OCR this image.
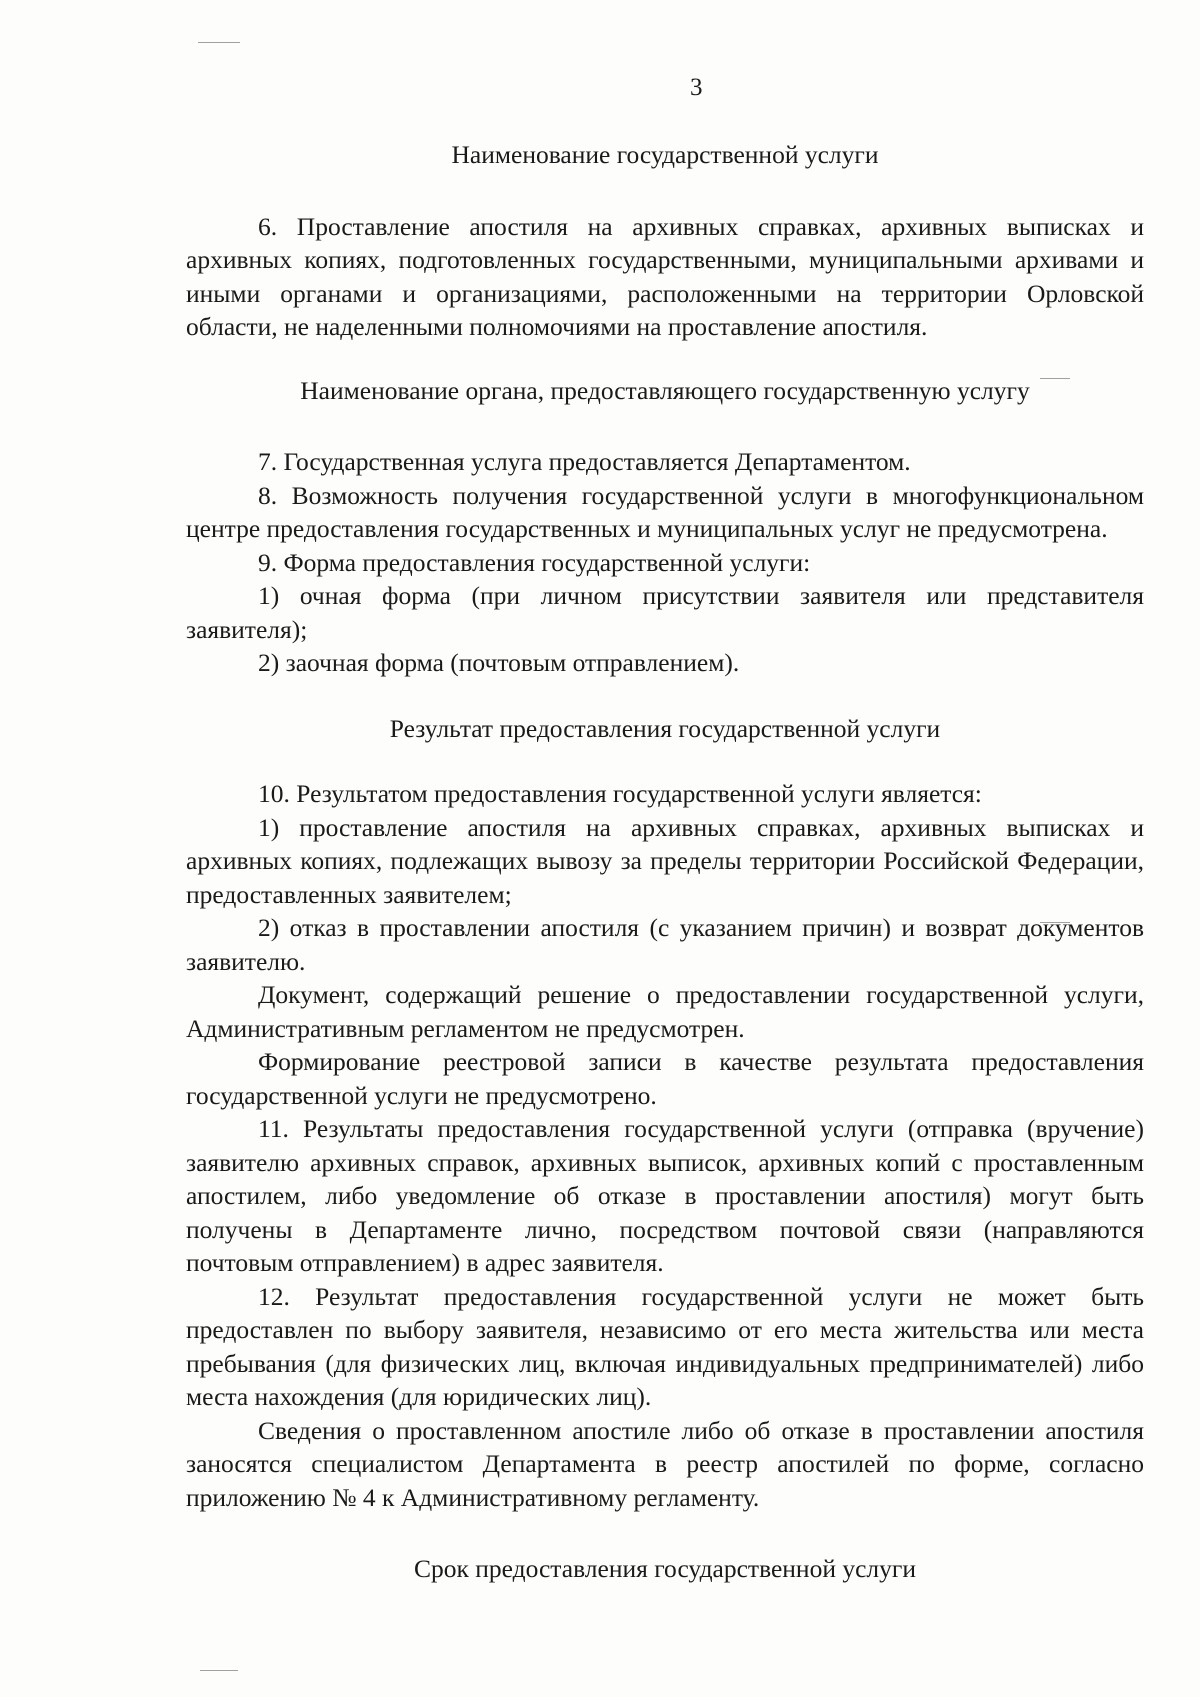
3

Наименование государственной услуги

6. Проставление апостиля на архивных справках, архивных выписках и архивных копиях, подготовленных государственными, муниципальными архивами и иными органами и организациями, расположенными на территории Орловской области, не наделенными полномочиями на проставление апостиля.

Наименование органа, предоставляющего государственную услугу

7. Государственная услуга предоставляется Департаментом.

8. Возможность получения государственной услуги в многофункциональном центре предоставления государственных и муниципальных услуг не предусмотрена.

9. Форма предоставления государственной услуги:

1) очная форма (при личном присутствии заявителя или представителя заявителя);

2) заочная форма (почтовым отправлением).

Результат предоставления государственной услуги

10. Результатом предоставления государственной услуги является:

1) проставление апостиля на архивных справках, архивных выписках и архивных копиях, подлежащих вывозу за пределы территории Российской Федерации, предоставленных заявителем;

2) отказ в проставлении апостиля (с указанием причин) и возврат документов заявителю.

Документ, содержащий решение о предоставлении государственной услуги, Административным регламентом не предусмотрен.

Формирование реестровой записи в качестве результата предоставления государственной услуги не предусмотрено.

11. Результаты предоставления государственной услуги (отправка (вручение) заявителю архивных справок, архивных выписок, архивных копий с проставленным апостилем, либо уведомление об отказе в проставлении апостиля) могут быть получены в Департаменте лично, посредством почтовой связи (направляются почтовым отправлением) в адрес заявителя.

12. Результат предоставления государственной услуги не может быть предоставлен по выбору заявителя, независимо от его места жительства или места пребывания (для физических лиц, включая индивидуальных предпринимателей) либо места нахождения (для юридических лиц).

Сведения о проставленном апостиле либо об отказе в проставлении апостиля заносятся специалистом Департамента в реестр апостилей по форме, согласно приложению № 4 к Административному регламенту.

Срок предоставления государственной услуги
